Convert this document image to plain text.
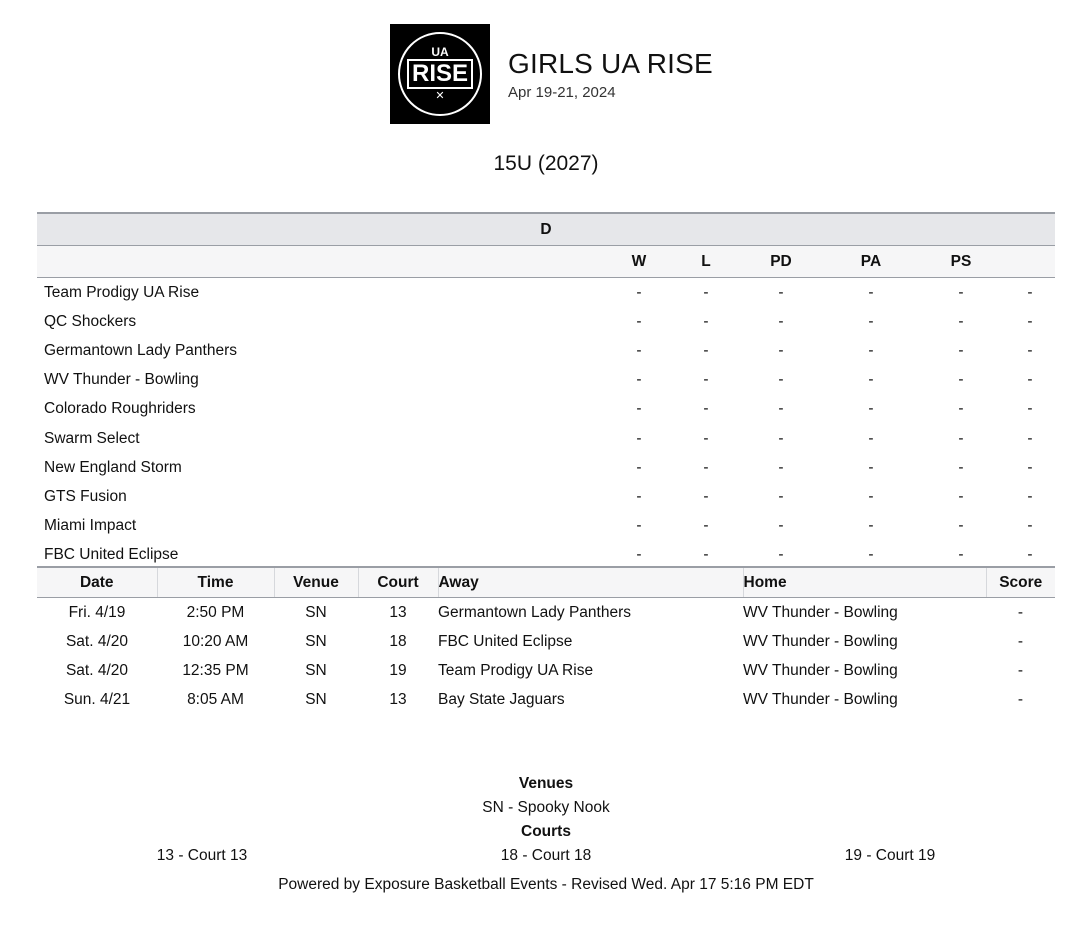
UA
RISE
✕
GIRLS UA RISE
Apr 19-21, 2024
15U (2027)
D						
	W	L	PD	PA	PS	
Team Prodigy UA Rise	-	-	-	-	-	-
QC Shockers	-	-	-	-	-	-
Germantown Lady Panthers	-	-	-	-	-	-
WV Thunder - Bowling	-	-	-	-	-	-
Colorado Roughriders	-	-	-	-	-	-
Swarm Select	-	-	-	-	-	-
New England Storm	-	-	-	-	-	-
GTS Fusion	-	-	-	-	-	-
Miami Impact	-	-	-	-	-	-
FBC United Eclipse	-	-	-	-	-	-
Date	Time	Venue	Court	Away	Home	Score
Fri. 4/19	2:50 PM	SN	13	Germantown Lady Panthers	WV Thunder - Bowling	-
Sat. 4/20	10:20 AM	SN	18	FBC United Eclipse	WV Thunder - Bowling	-
Sat. 4/20	12:35 PM	SN	19	Team Prodigy UA Rise	WV Thunder - Bowling	-
Sun. 4/21	8:05 AM	SN	13	Bay State Jaguars	WV Thunder - Bowling	-
Venues
SN - Spooky Nook
Courts
13 - Court 13	18 - Court 18	19 - Court 19
Powered by Exposure Basketball Events - Revised Wed. Apr 17 5:16 PM EDT
